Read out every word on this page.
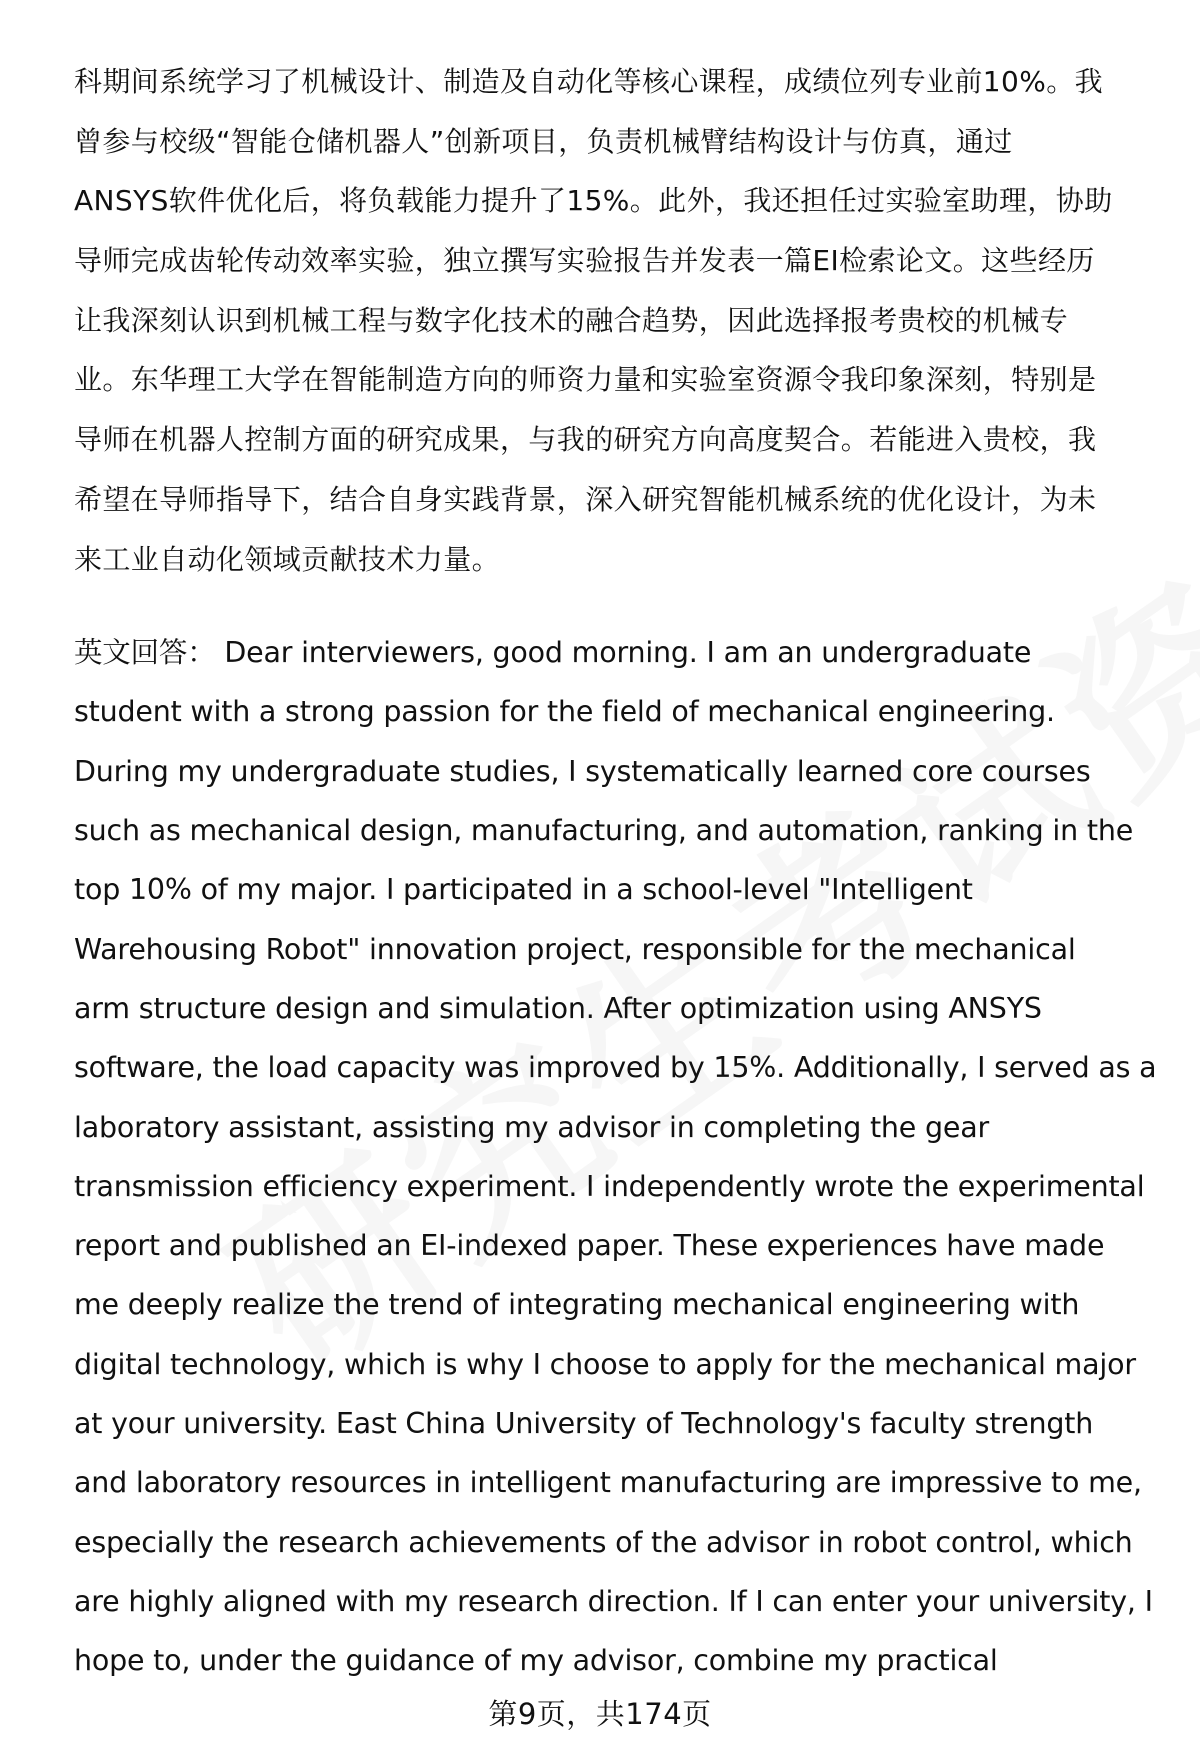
科期间系统学习了机械设计、制造及自动化等核心课程，成绩位列专业前10%。我
曾参与校级“智能仓储机器人”创新项目，负责机械臂结构设计与仿真，通过
ANSYS软件优化后，将负载能力提升了15%。此外，我还担任过实验室助理，协助
导师完成齿轮传动效率实验，独立撰写实验报告并发表一篇EI检索论文。这些经历
让我深刻认识到机械工程与数字化技术的融合趋势，因此选择报考贵校的机械专
业。东华理工大学在智能制造方向的师资力量和实验室资源令我印象深刻，特别是
导师在机器人控制方面的研究成果，与我的研究方向高度契合。若能进入贵校，我
希望在导师指导下，结合自身实践背景，深入研究智能机械系统的优化设计，为未
来工业自动化领域贡献技术力量。
英文回答： Dear interviewers, good morning. I am an undergraduate
student with a strong passion for the field of mechanical engineering.
During my undergraduate studies, I systematically learned core courses
such as mechanical design, manufacturing, and automation, ranking in the
top 10% of my major. I participated in a school-level "Intelligent
Warehousing Robot" innovation project, responsible for the mechanical
arm structure design and simulation. After optimization using ANSYS
software, the load capacity was improved by 15%. Additionally, I served as a
laboratory assistant, assisting my advisor in completing the gear
transmission efficiency experiment. I independently wrote the experimental
report and published an EI-indexed paper. These experiences have made
me deeply realize the trend of integrating mechanical engineering with
digital technology, which is why I choose to apply for the mechanical major
at your university. East China University of Technology's faculty strength
and laboratory resources in intelligent manufacturing are impressive to me,
especially the research achievements of the advisor in robot control, which
are highly aligned with my research direction. If I can enter your university, I
hope to, under the guidance of my advisor, combine my practical
第9页，共174页
